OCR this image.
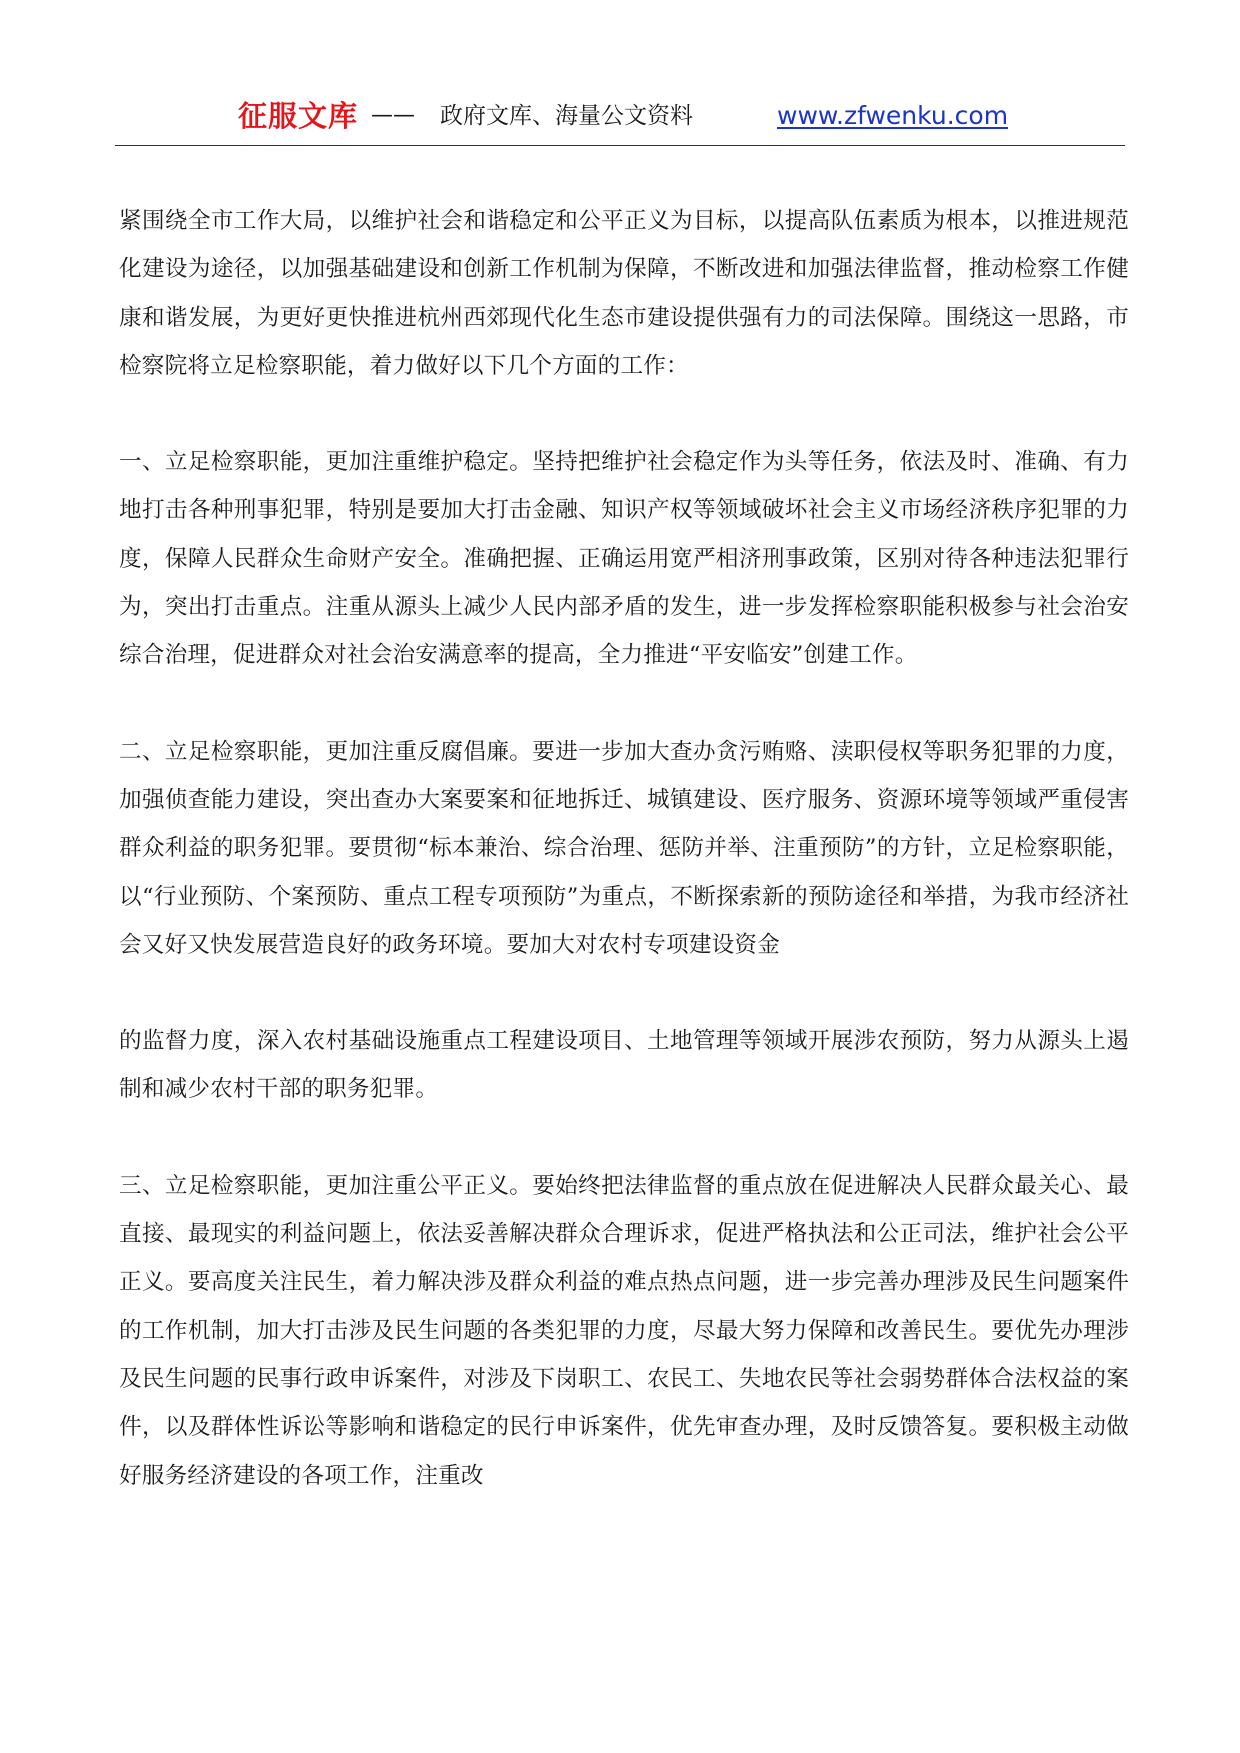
征服文库 —— 政府文库、海量公文资料	www.zfwenku.com

紧围绕全市工作大局，以维护社会和谐稳定和公平正义为目标，以提高队伍素质为根本，以推进规范化建设为途径，以加强基础建设和创新工作机制为保障，不断改进和加强法律监督，推动检察工作健康和谐发展，为更好更快推进杭州西郊现代化生态市建设提供强有力的司法保障。围绕这一思路，市检察院将立足检察职能，着力做好以下几个方面的工作：

一、立足检察职能，更加注重维护稳定。坚持把维护社会稳定作为头等任务，依法及时、准确、有力地打击各种刑事犯罪，特别是要加大打击金融、知识产权等领域破坏社会主义市场经济秩序犯罪的力度，保障人民群众生命财产安全。准确把握、正确运用宽严相济刑事政策，区别对待各种违法犯罪行为，突出打击重点。注重从源头上减少人民内部矛盾的发生，进一步发挥检察职能积极参与社会治安综合治理，促进群众对社会治安满意率的提高，全力推进“平安临安”创建工作。

二、立足检察职能，更加注重反腐倡廉。要进一步加大查办贪污贿赂、渎职侵权等职务犯罪的力度，加强侦查能力建设，突出查办大案要案和征地拆迁、城镇建设、医疗服务、资源环境等领域严重侵害群众利益的职务犯罪。要贯彻“标本兼治、综合治理、惩防并举、注重预防”的方针，立足检察职能，以“行业预防、个案预防、重点工程专项预防”为重点，不断探索新的预防途径和举措，为我市经济社会又好又快发展营造良好的政务环境。要加大对农村专项建设资金

的监督力度，深入农村基础设施重点工程建设项目、土地管理等领域开展涉农预防，努力从源头上遏制和减少农村干部的职务犯罪。

三、立足检察职能，更加注重公平正义。要始终把法律监督的重点放在促进解决人民群众最关心、最直接、最现实的利益问题上，依法妥善解决群众合理诉求，促进严格执法和公正司法，维护社会公平正义。要高度关注民生，着力解决涉及群众利益的难点热点问题，进一步完善办理涉及民生问题案件的工作机制，加大打击涉及民生问题的各类犯罪的力度，尽最大努力保障和改善民生。要优先办理涉及民生问题的民事行政申诉案件，对涉及下岗职工、农民工、失地农民等社会弱势群体合法权益的案件，以及群体性诉讼等影响和谐稳定的民行申诉案件，优先审查办理，及时反馈答复。要积极主动做好服务经济建设的各项工作，注重改
